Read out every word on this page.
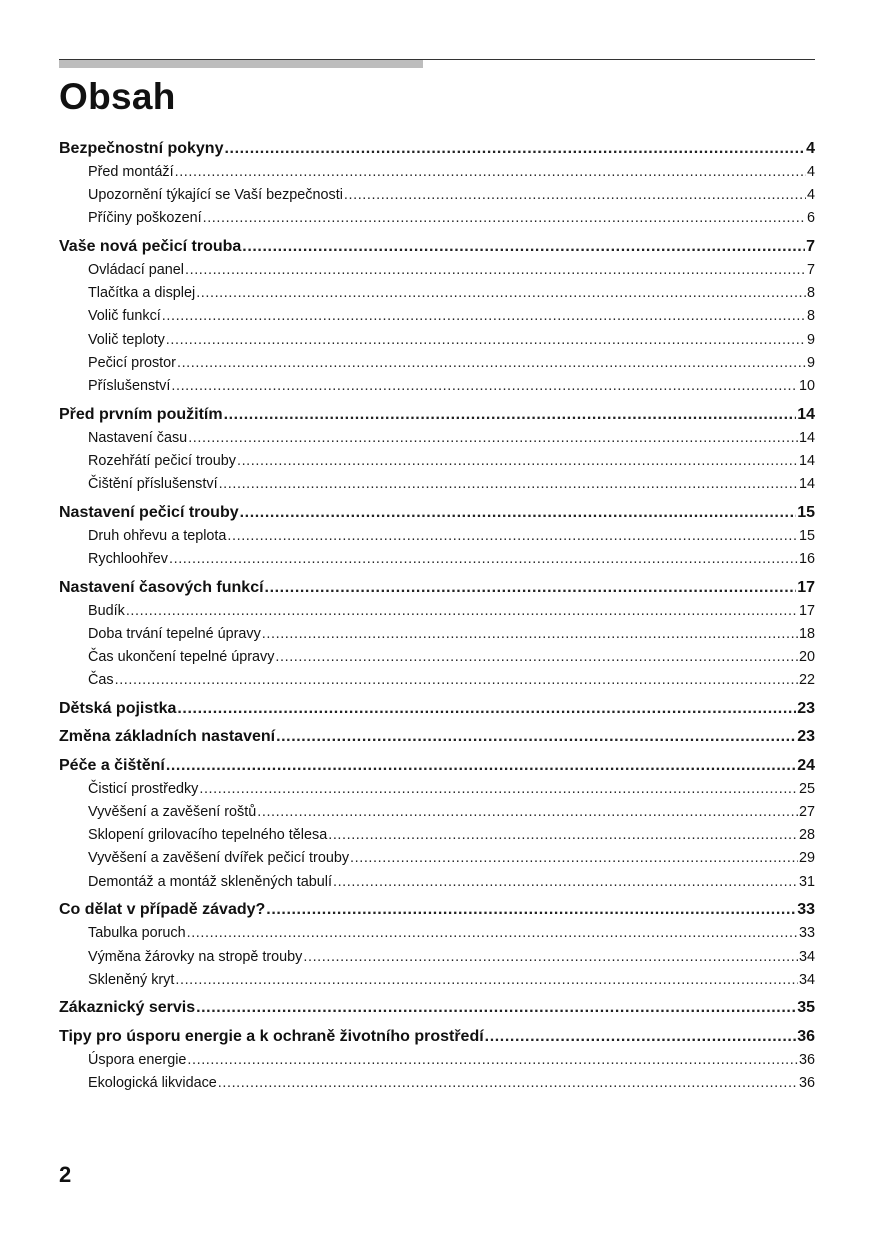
Obsah
Bezpečnostní pokyny .....	4
Před montáží .....	4
Upozornění týkající se Vaší bezpečnosti .....	4
Příčiny poškození .....	6
Vaše nová pečicí trouba .....	7
Ovládací panel .....	7
Tlačítka a displej .....	8
Volič funkcí .....	8
Volič teploty .....	9
Pečicí prostor .....	9
Příslušenství .....	10
Před prvním použitím .....	14
Nastavení času .....	14
Rozehřátí pečicí trouby .....	14
Čištění příslušenství .....	14
Nastavení pečicí trouby .....	15
Druh ohřevu a teplota .....	15
Rychloohřev .....	16
Nastavení časových funkcí .....	17
Budík .....	17
Doba trvání tepelné úpravy .....	18
Čas ukončení tepelné úpravy .....	20
Čas .....	22
Dětská pojistka .....	23
Změna základních nastavení .....	23
Péče a čištění .....	24
Čisticí prostředky .....	25
Vyvěšení a zavěšení roštů .....	27
Sklopení grilovacího tepelného tělesa .....	28
Vyvěšení a zavěšení dvířek pečicí trouby .....	29
Demontáž a montáž skleněných tabulí .....	31
Co dělat v případě závady? .....	33
Tabulka poruch .....	33
Výměna žárovky na stropě trouby .....	34
Skleněný kryt .....	34
Zákaznický servis .....	35
Tipy pro úsporu energie a k ochraně životního prostředí .....	36
Úspora energie .....	36
Ekologická likvidace .....	36
2
